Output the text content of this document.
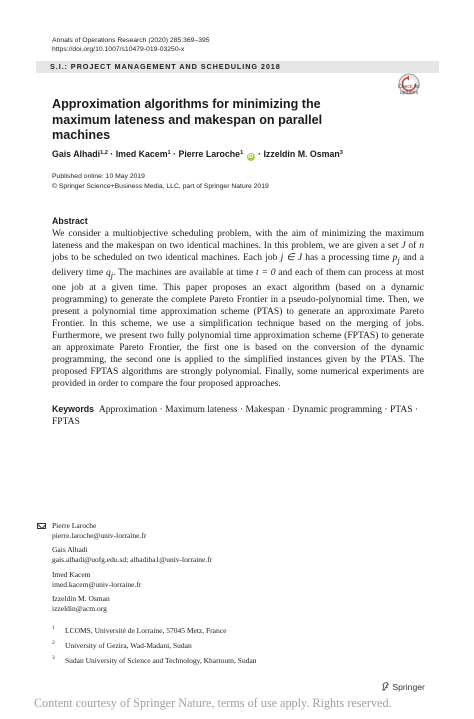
Annals of Operations Research (2020) 285:369–395
https://doi.org/10.1007/s10479-019-03250-x
S.I.: PROJECT MANAGEMENT AND SCHEDULING 2018
Check for
updates
Approximation algorithms for minimizing the maximum lateness and makespan on parallel machines
Gais Alhadi$^{1,2}$ · Imed Kacem$^1$ · Pierre Laroche$^1$ iD · Izzeldin M. Osman$^3$
Published online: 10 May 2019
© Springer Science+Business Media, LLC, part of Springer Nature 2019
Abstract
We consider a multiobjective scheduling problem, with the aim of minimizing the maximum lateness and the makespan on two identical machines. In this problem, we are given a set J of n jobs to be scheduled on two identical machines. Each job j ∈ J has a processing time $p_j$ and a delivery time $q_j$. The machines are available at time t = 0 and each of them can process at most one job at a given time. This paper proposes an exact algorithm (based on a dynamic programming) to generate the complete Pareto Frontier in a pseudo-polynomial time. Then, we present a polynomial time approximation scheme (PTAS) to generate an approximate Pareto Frontier. In this scheme, we use a simplification technique based on the merging of jobs. Furthermore, we present two fully polynomial time approximation scheme (FPTAS) to generate an approximate Pareto Frontier, the first one is based on the conversion of the dynamic programming, the second one is applied to the simplified instances given by the PTAS. The proposed FPTAS algorithms are strongly polynomial. Finally, some numerical experiments are provided in order to compare the four proposed approaches.
Keywords Approximation · Maximum lateness · Makespan · Dynamic programming · PTAS · FPTAS
Pierre Laroche
pierre.laroche@univ-lorraine.fr
Gais Alhadi
gais.alhadi@uofg.edu.sd; alhadiba1@univ-lorraine.fr
Imed Kacem
imed.kacem@univ-lorraine.fr
Izzeldin M. Osman
izzeldin@acm.org
1 LCOMS, Université de Lorraine, 57045 Metz, France
2 University of Gezira, Wad-Madani, Sudan
3 Sudan University of Science and Technology, Khartoum, Sudan
Springer
Content courtesy of Springer Nature, terms of use apply. Rights reserved.
